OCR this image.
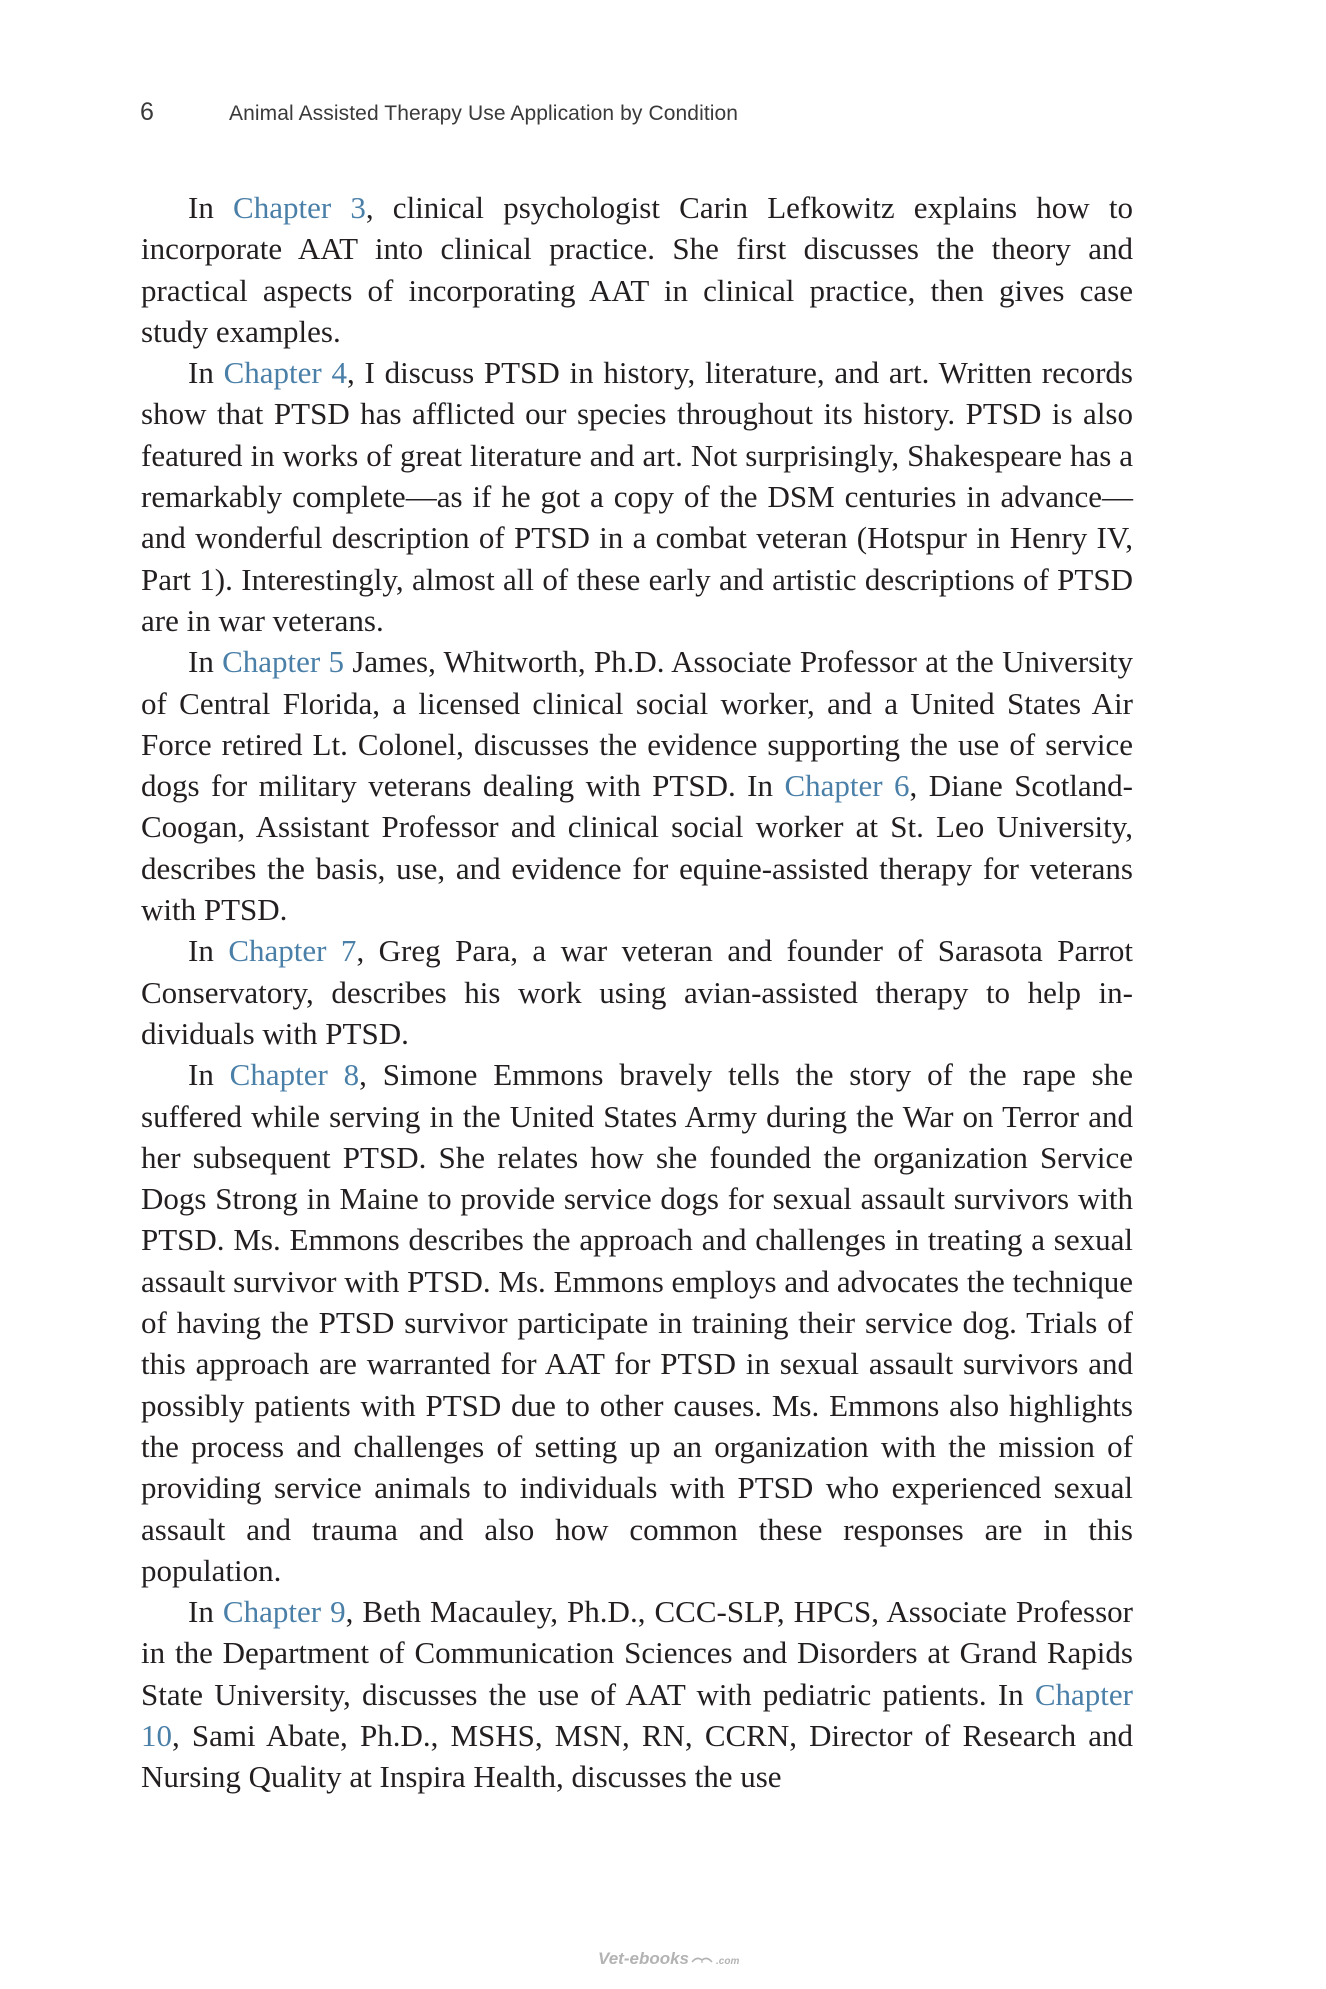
6	Animal Assisted Therapy Use Application by Condition

In Chapter 3, clinical psychologist Carin Lefkowitz explains how to incorporate AAT into clinical practice. She first discusses the theory and practical aspects of incorporating AAT in clinical practice, then gives case study examples.

In Chapter 4, I discuss PTSD in history, literature, and art. Written records show that PTSD has afflicted our species throughout its history. PTSD is also featured in works of great literature and art. Not surprisingly, Shakespeare has a remarkably complete—as if he got a copy of the DSM centuries in advance—and wonderful description of PTSD in a combat veteran (Hotspur in Henry IV, Part 1). Interestingly, almost all of these early and artistic descriptions of PTSD are in war veterans.

In Chapter 5 James, Whitworth, Ph.D. Associate Professor at the University of Central Florida, a licensed clinical social worker, and a United States Air Force retired Lt. Colonel, discusses the evidence supporting the use of service dogs for military veterans dealing with PTSD. In Chapter 6, Diane Scotland-Coogan, Assistant Professor and clinical social worker at St. Leo University, describes the basis, use, and evidence for equine-assisted therapy for veterans with PTSD.

In Chapter 7, Greg Para, a war veteran and founder of Sarasota Parrot Conservatory, describes his work using avian-assisted therapy to help individuals with PTSD.

In Chapter 8, Simone Emmons bravely tells the story of the rape she suffered while serving in the United States Army during the War on Terror and her subsequent PTSD. She relates how she founded the organization Service Dogs Strong in Maine to provide service dogs for sexual assault survivors with PTSD. Ms. Emmons describes the approach and challenges in treating a sexual assault survivor with PTSD. Ms. Emmons employs and advocates the technique of having the PTSD survivor participate in training their service dog. Trials of this approach are warranted for AAT for PTSD in sexual assault survivors and possibly patients with PTSD due to other causes. Ms. Emmons also highlights the process and challenges of setting up an organization with the mission of providing service animals to individuals with PTSD who experienced sexual assault and trauma and also how common these responses are in this population.

In Chapter 9, Beth Macauley, Ph.D., CCC-SLP, HPCS, Associate Professor in the Department of Communication Sciences and Disorders at Grand Rapids State University, discusses the use of AAT with pediatric patients. In Chapter 10, Sami Abate, Ph.D., MSHS, MSN, RN, CCRN, Director of Research and Nursing Quality at Inspira Health, discusses the use

Vet-ebooks	.com
